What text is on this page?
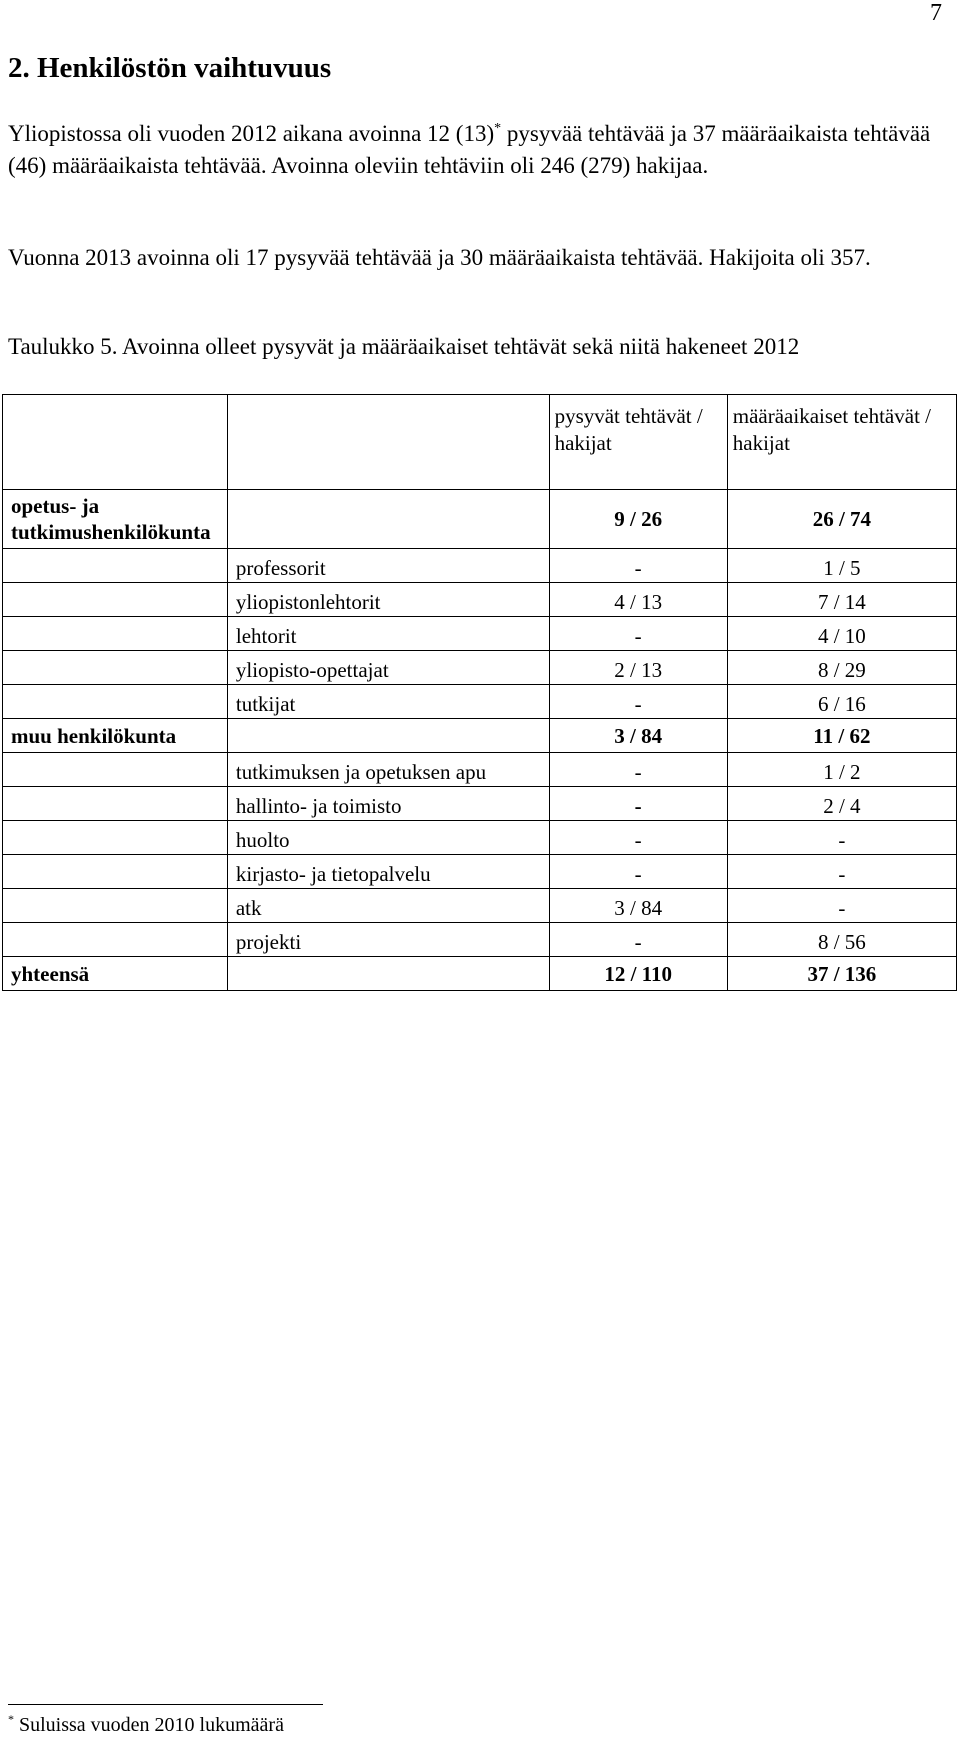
7
2. Henkilöstön vaihtuvuus

Yliopistossa oli vuoden 2012 aikana avoinna 12 (13)* pysyvää tehtävää ja 37 määräaikaista tehtävää (46) määräaikaista tehtävää. Avoinna oleviin tehtäviin oli 246 (279) hakijaa.

Vuonna 2013 avoinna oli 17 pysyvää tehtävää ja 30 määräaikaista tehtävää. Hakijoita oli 357.

Taulukko 5. Avoinna olleet pysyvät ja määräaikaiset tehtävät sekä niitä hakeneet 2012

		pysyvät tehtävät / hakijat	määräaikaiset tehtävät / hakijat

opetus- ja tutkimushenkilökunta		9 / 26	26 / 74

	professorit	-	1 / 5

	yliopistonlehtorit	4 / 13	7 / 14

	lehtorit	-	4 / 10

	yliopisto-opettajat	2 / 13	8 / 29

	tutkijat	-	6 / 16

muu henkilökunta		3 / 84	11 / 62

	tutkimuksen ja opetuksen apu	-	1 / 2

	hallinto- ja toimisto	-	2 / 4

	huolto	-	-

	kirjasto- ja tietopalvelu	-	-

	atk	3 / 84	-

	projekti	-	8 / 56

yhteensä		12 / 110	37 / 136
* Suluissa vuoden 2010 lukumäärä
